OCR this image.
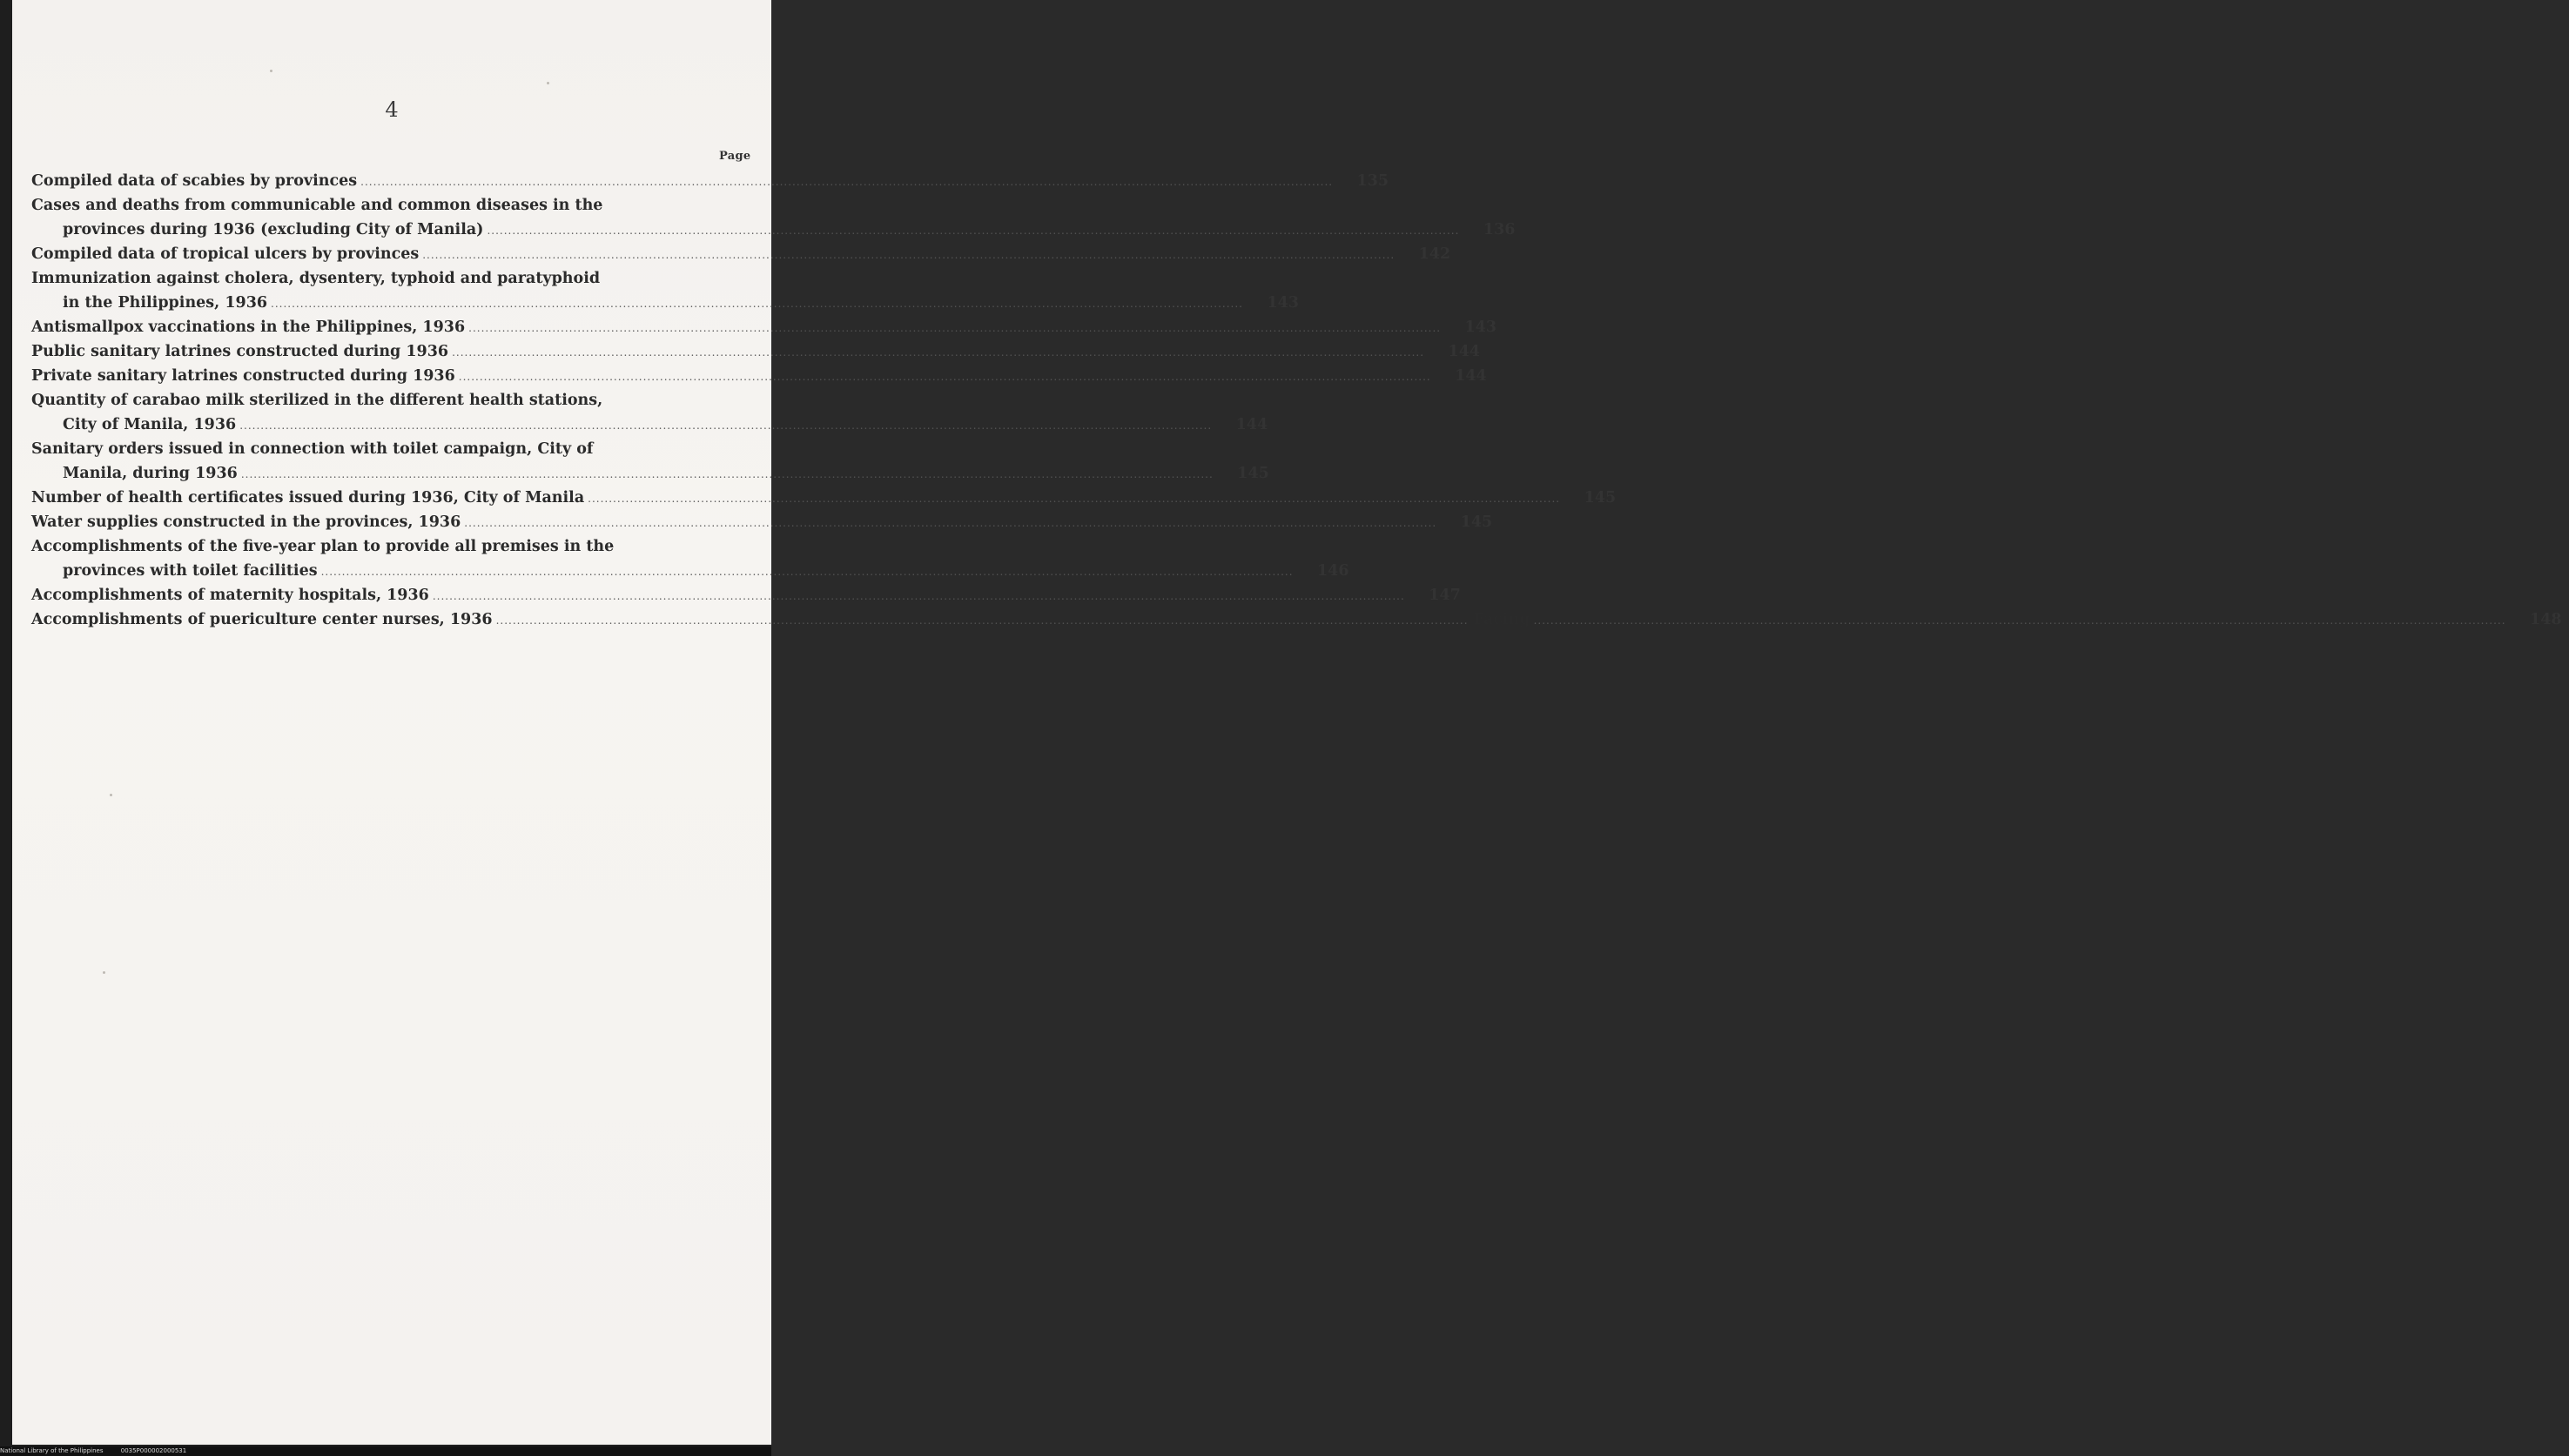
4
Page
Compiled data of scabies by provinces .....	135
Cases and deaths from communicable and common diseases in the
provinces during 1936 (excluding City of Manila) .....	136
Compiled data of tropical ulcers by provinces .....	142
Immunization against cholera, dysentery, typhoid and paratyphoid
in the Philippines, 1936 .....	143
Antismallpox vaccinations in the Philippines, 1936 .....	143
Public sanitary latrines constructed during 1936 .....	144
Private sanitary latrines constructed during 1936 .....	144
Quantity of carabao milk sterilized in the different health stations,
City of Manila, 1936 .....	144
Sanitary orders issued in connection with toilet campaign, City of
Manila, during 1936 .....	145
Number of health certificates issued during 1936, City of Manila .....	145
Water supplies constructed in the provinces, 1936 .....	145
Accomplishments of the five-year plan to provide all premises in the
provinces with toilet facilities .....	146
Accomplishments of maternity hospitals, 1936 .....	147
Accomplishments of puericulture center nurses, 1936 .....	Facing .....	148
National Library of the Philippines	0035P000002000531
